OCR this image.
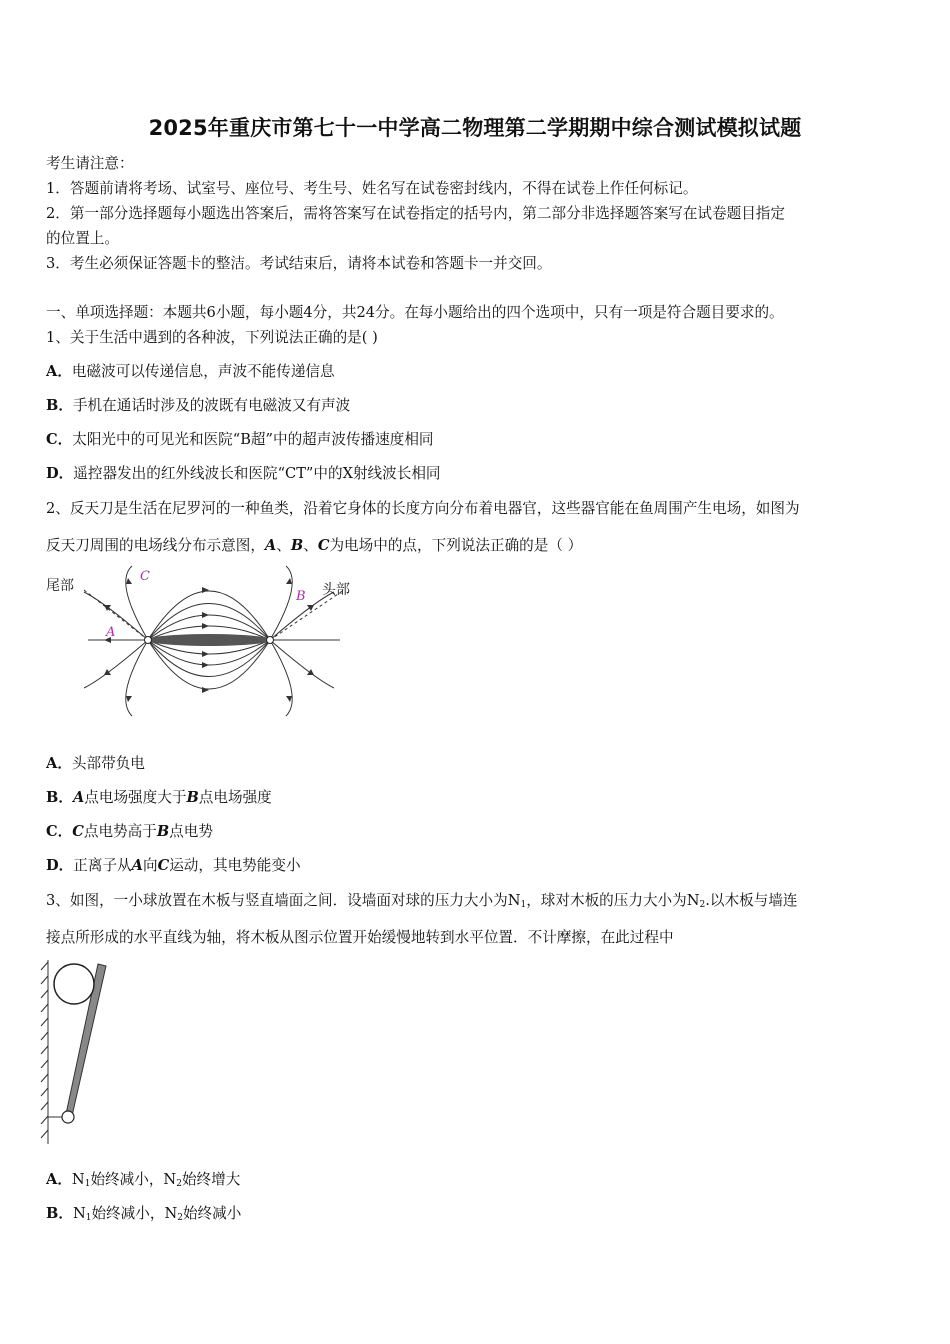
2025年重庆市第七十一中学高二物理第二学期期中综合测试模拟试题
考生请注意：
1．答题前请将考场、试室号、座位号、考生号、姓名写在试卷密封线内，不得在试卷上作任何标记。
2．第一部分选择题每小题选出答案后，需将答案写在试卷指定的括号内，第二部分非选择题答案写在试卷题目指定
的位置上。
3．考生必须保证答题卡的整洁。考试结束后，请将本试卷和答题卡一并交回。
一、单项选择题：本题共6小题，每小题4分，共24分。在每小题给出的四个选项中，只有一项是符合题目要求的。
1、关于生活中遇到的各种波，下列说法正确的是( )
A．电磁波可以传递信息，声波不能传递信息
B．手机在通话时涉及的波既有电磁波又有声波
C．太阳光中的可见光和医院“B超”中的超声波传播速度相同
D．遥控器发出的红外线波长和医院“CT”中的X射线波长相同
2、反天刀是生活在尼罗河的一种鱼类，沿着它身体的长度方向分布着电器官，这些器官能在鱼周围产生电场，如图为
反天刀周围的电场线分布示意图，A、B、C为电场中的点，下列说法正确的是（ ）
尾部	头部
A
B
C
A．头部带负电
B．A点电场强度大于B点电场强度
C．C点电势高于B点电势
D．正离子从A向C运动，其电势能变小
3、如图，一小球放置在木板与竖直墙面之间．设墙面对球的压力大小为$N_1$，球对木板的压力大小为$N_2$.以木板与墙连
接点所形成的水平直线为轴，将木板从图示位置开始缓慢地转到水平位置．不计摩擦，在此过程中
A．$N_1$始终减小，$N_2$始终增大
B．$N_1$始终减小，$N_2$始终减小
